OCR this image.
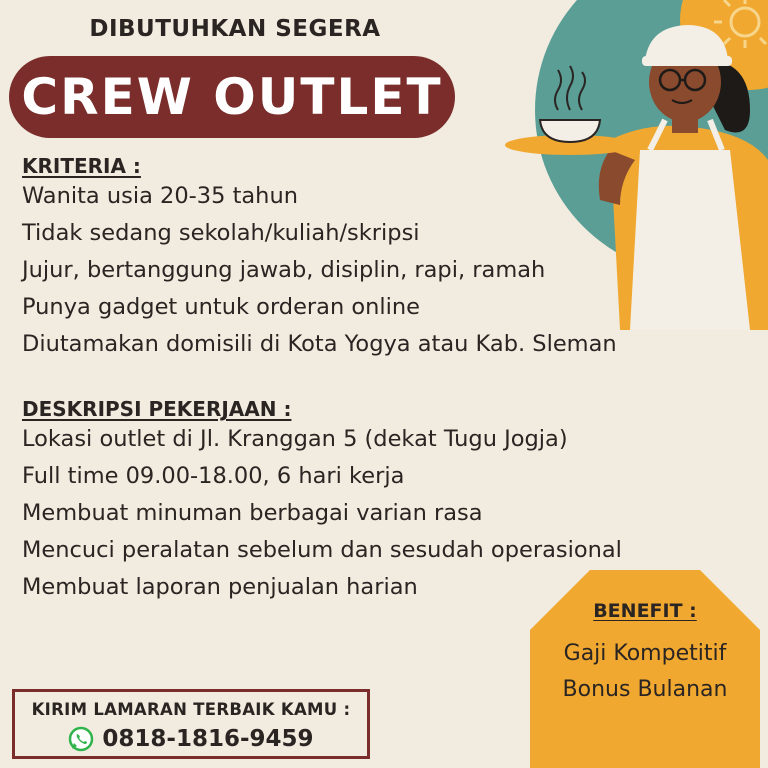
DIBUTUHKAN SEGERA
CREW OUTLET
KRITERIA :
Wanita usia 20-35 tahun
Tidak sedang sekolah/kuliah/skripsi
Jujur, bertanggung jawab, disiplin, rapi, ramah
Punya gadget untuk orderan online
Diutamakan domisili di Kota Yogya atau Kab. Sleman
DESKRIPSI PEKERJAAN :
Lokasi outlet di Jl. Kranggan 5 (dekat Tugu Jogja)
Full time 09.00-18.00, 6 hari kerja
Membuat minuman berbagai varian rasa
Mencuci peralatan sebelum dan sesudah operasional
Membuat laporan penjualan harian
BENEFIT :
Gaji Kompetitif
Bonus Bulanan
KIRIM LAMARAN TERBAIK KAMU :
0818-1816-9459
